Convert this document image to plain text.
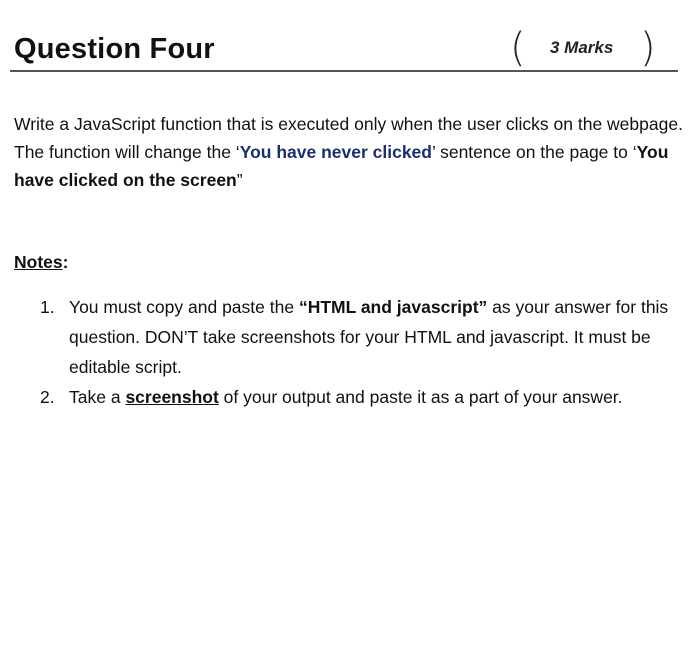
Question Four	( 3 Marks )

Write a JavaScript function that is executed only when the user clicks on the webpage.

The function will change the ‘You have never clicked’ sentence on the page to ‘You have clicked on the screen”

Notes:
1. You must copy and paste the “HTML and javascript” as your answer for this question. DON’T take screenshots for your HTML and javascript. It must be editable script.
2. Take a screenshot of your output and paste it as a part of your answer.
